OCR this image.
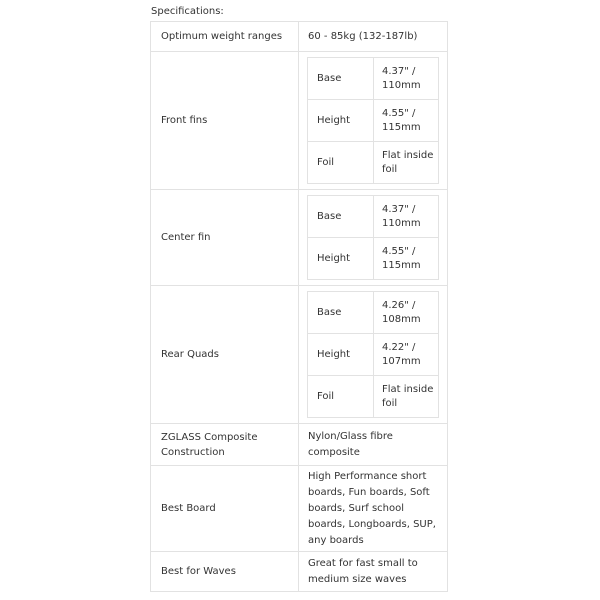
Specifications:
Optimum weight ranges	60 - 85kg (132-187lb)
Front fins	
Base	4.37" / 110mm
Height	4.55" / 115mm
Foil	Flat inside foil

Center fin	
Base	4.37" / 110mm
Height	4.55" / 115mm

Rear Quads	
Base	4.26" / 108mm
Height	4.22" / 107mm
Foil	Flat inside foil

ZGLASS Composite Construction	Nylon/Glass fibre composite
Best Board	High Performance short boards, Fun boards, Soft boards, Surf school boards, Longboards, SUP, any boards
Best for Waves	Great for fast small to medium size waves
